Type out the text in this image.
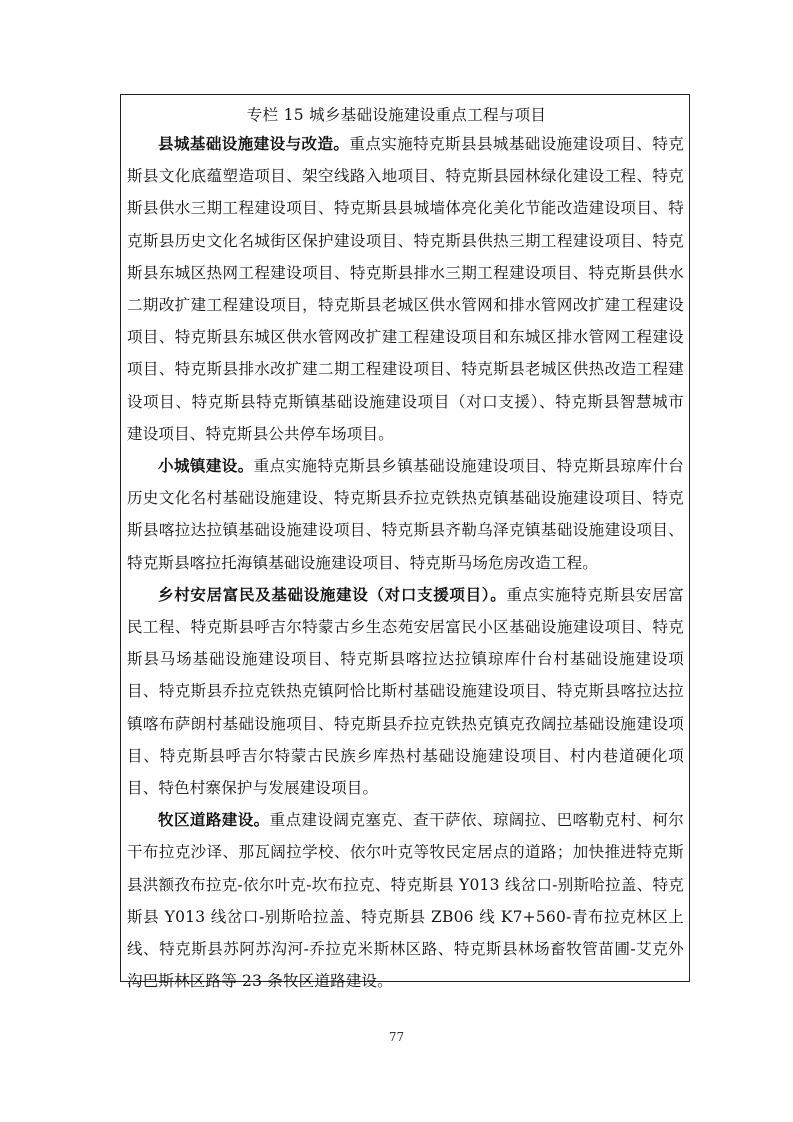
专栏 15 城乡基础设施建设重点工程与项目

县城基础设施建设与改造。重点实施特克斯县县城基础设施建设项目、特克斯县文化底蕴塑造项目、架空线路入地项目、特克斯县园林绿化建设工程、特克斯县供水三期工程建设项目、特克斯县县城墙体亮化美化节能改造建设项目、特克斯县历史文化名城街区保护建设项目、特克斯县供热三期工程建设项目、特克斯县东城区热网工程建设项目、特克斯县排水三期工程建设项目、特克斯县供水二期改扩建工程建设项目，特克斯县老城区供水管网和排水管网改扩建工程建设项目、特克斯县东城区供水管网改扩建工程建设项目和东城区排水管网工程建设项目、特克斯县排水改扩建二期工程建设项目、特克斯县老城区供热改造工程建设项目、特克斯县特克斯镇基础设施建设项目（对口支援）、特克斯县智慧城市建设项目、特克斯县公共停车场项目。

小城镇建设。重点实施特克斯县乡镇基础设施建设项目、特克斯县琼库什台历史文化名村基础设施建设、特克斯县乔拉克铁热克镇基础设施建设项目、特克斯县喀拉达拉镇基础设施建设项目、特克斯县齐勒乌泽克镇基础设施建设项目、特克斯县喀拉托海镇基础设施建设项目、特克斯马场危房改造工程。

乡村安居富民及基础设施建设（对口支援项目）。重点实施特克斯县安居富民工程、特克斯县呼吉尔特蒙古乡生态苑安居富民小区基础设施建设项目、特克斯县马场基础设施建设项目、特克斯县喀拉达拉镇琼库什台村基础设施建设项目、特克斯县乔拉克铁热克镇阿恰比斯村基础设施建设项目、特克斯县喀拉达拉镇喀布萨朗村基础设施项目、特克斯县乔拉克铁热克镇克孜阔拉基础设施建设项目、特克斯县呼吉尔特蒙古民族乡库热村基础设施建设项目、村内巷道硬化项目、特色村寨保护与发展建设项目。

牧区道路建设。重点建设阔克塞克、查干萨依、琼阔拉、巴喀勒克村、柯尔干布拉克沙译、那瓦阔拉学校、依尔叶克等牧民定居点的道路；加快推进特克斯县洪额孜布拉克-依尔叶克-坎布拉克、特克斯县 Y013 线岔口-别斯哈拉盖、特克斯县 Y013 线岔口-别斯哈拉盖、特克斯县 ZB06 线 K7+560-青布拉克林区上线、特克斯县苏阿苏沟河-乔拉克米斯林区路、特克斯县林场畜牧管苗圃-艾克外沟巴斯林区路等 23 条牧区道路建设。

77
